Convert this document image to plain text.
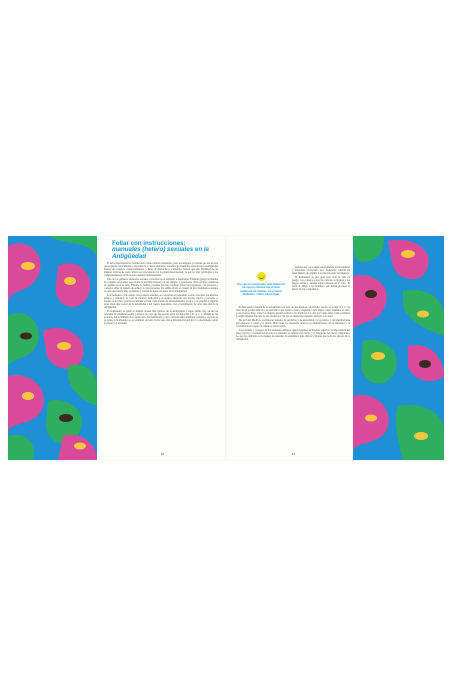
Follar con instrucciones:
manuales (hetero) sexuales en la Antigüedad

El sexo heterosexual se tornaba sexo como natural e instintivo, pero los antiguos ya sabían que era un arte que requería conocimientos, experiencia y ciertas destrezas. Alcanzar los manuales sexuales de la Antigüedad Llenos de consejos, comportamientos y listas de instructivos a menudo. Sabían que una habilidad de las mujeres eróticas de cada cultura era relacionada con la pasión heterosexual, ya que no muy privilegios a los comportamientos eróticos entre mujeres homosexuales.

Uno de los primeros manuales sexuales conocidos es el atribuido a Astianassa. Elefantis griega se titulaba un conjunto de poemas que trataba la actividad sexual con sus tiempos y posiciones. Otra escritora ateniense de quienes poco se sabe, Filainis de Samos, presenta un texto llamado Sobre las fragancias, con posturas y consejos sobre la manera de seducir a otras personas. De ambas obras se conservan solo fragmentos aunque se sabe que fueron muy populares y corrían de mano en mano en la Antigüedad.

Los manuales, como textos con posturas sexuales, se convertían en bestseller y eran conocidos por muchos griegos y romanos. Se trata de tratados dedicados a la técnica amatoria, sus modos, inicios y placeres y, aunque eran textos prácticos también servían como fuente de entretenimiento erótico. Los guiones y algunas otras ideas más acerca de la sexualidad y del cuerpo masculino, tras el surgimiento de otros más allá de la Antigüedad.

El Kamasutra es quizá el manual sexual más famoso de la Antigüedad y sigue siendo hoy en día un referente de sabiduría sexual y erótica. Se cree que fue escrito entre los siglos III y VI d. C. y, además de las posturas, habla también de la seducción, del matrimonio y de la relación entre hombres y mujeres. A pesar de su fama, el Kamasutra es, en realidad, un texto breve que ofrece información práctica y conocimiento sobre el placer y el erotismo.

16

penetración, pero sigue anteponiendo el movimiento y diferentes posiciones, pero dedicando además un buen número de páginas a la relación entre las mujeres.

El Kamasutra es una guía para toda la vida en pareja, con consejos sobre las caricias, la higiene y los juegos eróticos, aunque sigue centrado en el coito. El texto se dirige a los hombres, que deben procurar el placer de sus compañeras.

Uno de los manuales más famosos de época clásica fue el Arte amatoria de Ovidio, un poema didáctico sobre cómo ligar

El más guarro manual de la sexualidad es el Arte de Ars Amatoria de Ovidio, escrito en el siglo I a. C. Se trata de un poema didáctico en tres libros que explica cómo conquistar a una mujer, cómo mantener el amor y, en el tercer libro, cómo las mujeres pueden seducir a los hombres. La obra tuvo tanto éxito como polémica y, según algunos, fue una de las razones por las que el emperador Augusto desterró a su autor.

En la Edad Media se escribieron tratados de medicina y de sexualidad, con posturas y recomendaciones para mejorar la salud y el placer. Más tarde, los manuales eróticos se multiplicaron con la imprenta y se convirtieron en objeto de censura y persecución.

Las posturas y consejos de los manuales antiguos siguen vigentes en muchos aspectos: la importancia del juego previo, la comunicación entre los amantes, el cuidado del cuerpo y la búsqueda del placer compartido. Lo que ha cambiado es la manera de entender la sexualidad, más abierta y diversa que la de los autores de la Antigüedad.

17
